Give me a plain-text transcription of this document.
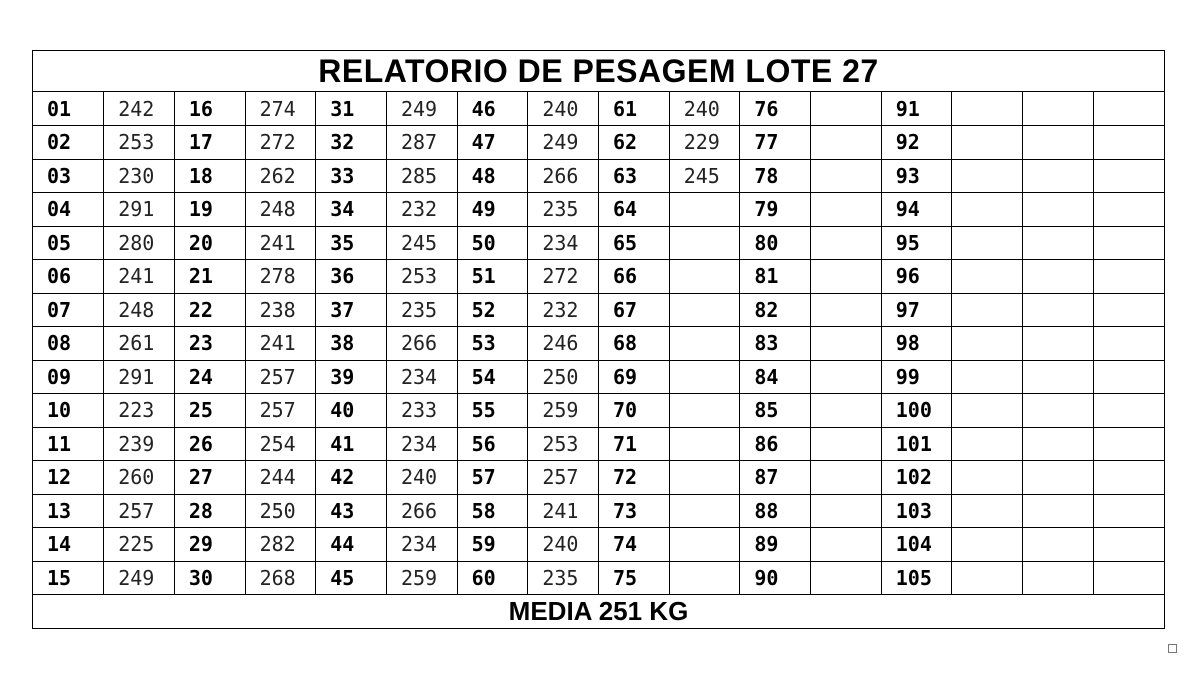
RELATORIO DE PESAGEM LOTE 27
01	242	16	274	31	249	46	240	61	240	76		91			
02	253	17	272	32	287	47	249	62	229	77		92			
03	230	18	262	33	285	48	266	63	245	78		93			
04	291	19	248	34	232	49	235	64		79		94			
05	280	20	241	35	245	50	234	65		80		95			
06	241	21	278	36	253	51	272	66		81		96			
07	248	22	238	37	235	52	232	67		82		97			
08	261	23	241	38	266	53	246	68		83		98			
09	291	24	257	39	234	54	250	69		84		99			
10	223	25	257	40	233	55	259	70		85		100			
11	239	26	254	41	234	56	253	71		86		101			
12	260	27	244	42	240	57	257	72		87		102			
13	257	28	250	43	266	58	241	73		88		103			
14	225	29	282	44	234	59	240	74		89		104			
15	249	30	268	45	259	60	235	75		90		105			
MEDIA 251 KG
